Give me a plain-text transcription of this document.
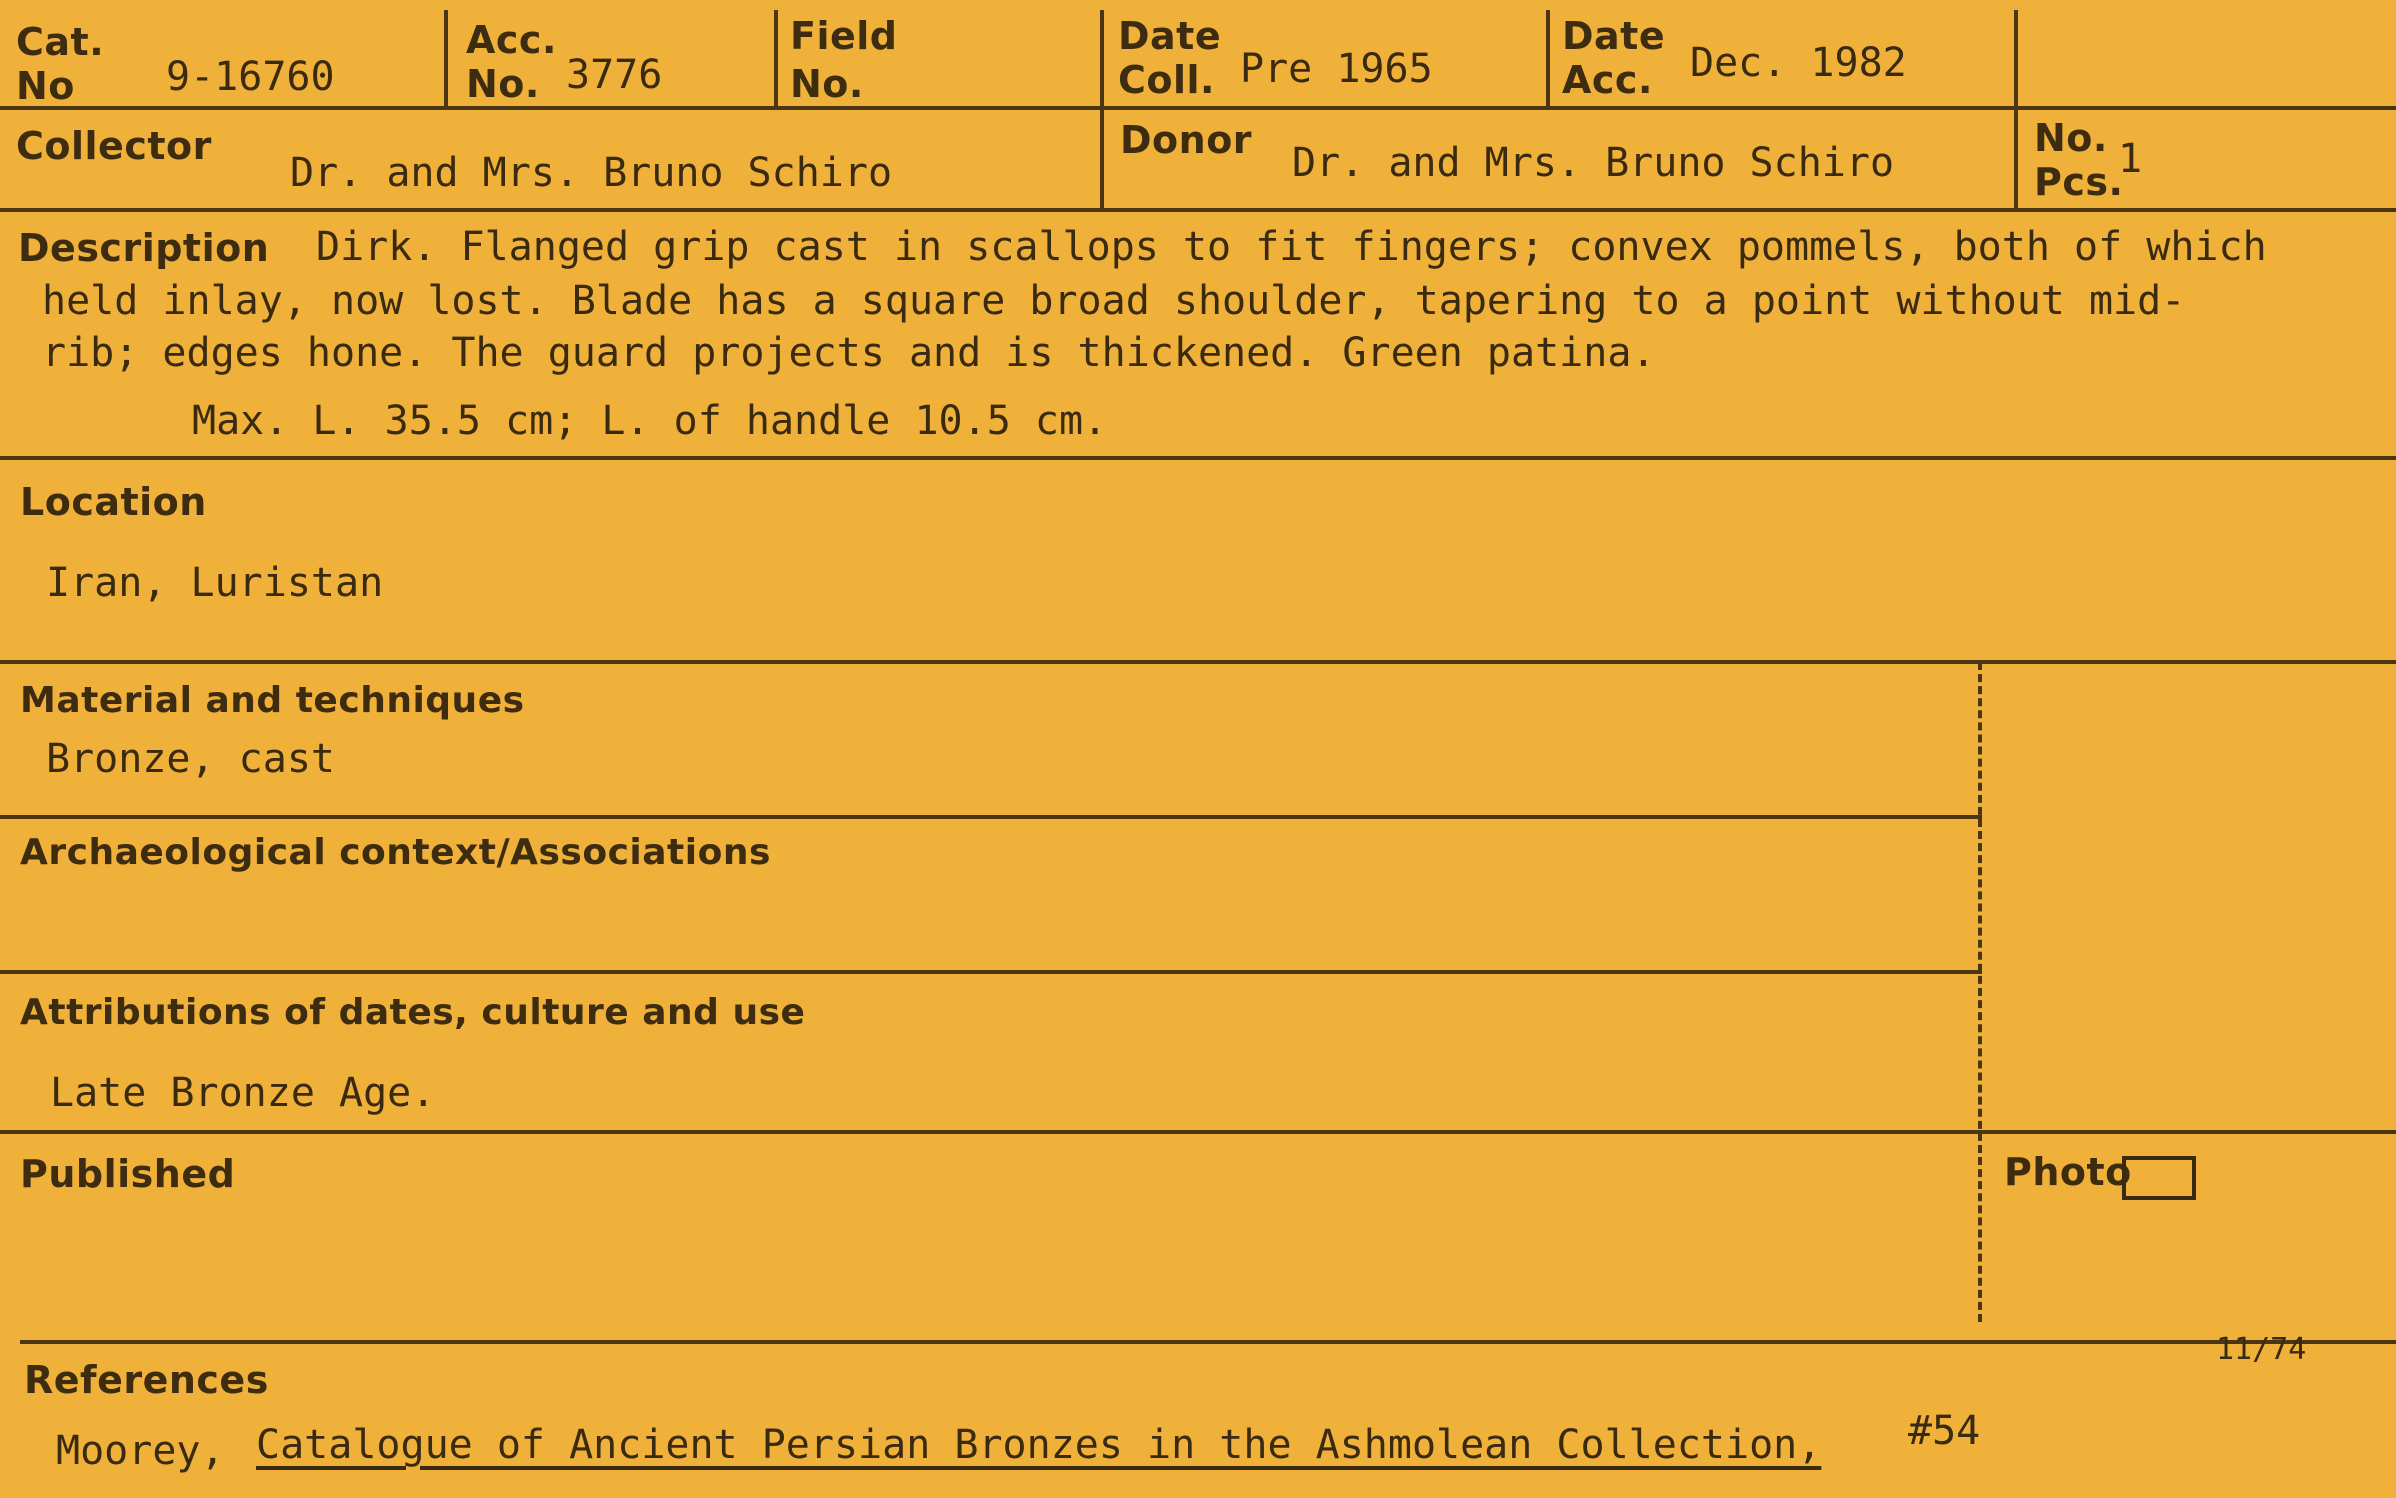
Cat.
No 9-16760
Acc.
No. 3776
Field
No.
Date
Coll. Pre 1965
Date
Acc. Dec. 1982
Collector
Dr. and Mrs. Bruno Schiro
Donor Dr. and Mrs. Bruno Schiro
No.
Pcs.
1
Description Dirk. Flanged grip cast in scallops to fit fingers; convex pommels, both of which
held inlay, now lost. Blade has a square broad shoulder, tapering to a point without mid-
rib; edges hone. The guard projects and is thickened. Green patina.
Max. L. 35.5 cm; L. of handle 10.5 cm.
Location
Iran, Luristan
Material and techniques
Bronze, cast
Archaeological context/Associations
Attributions of dates, culture and use
Late Bronze Age.
Published	Photo
11/74
References
Moorey, Catalogue of Ancient Persian Bronzes in the Ashmolean Collection, #54
